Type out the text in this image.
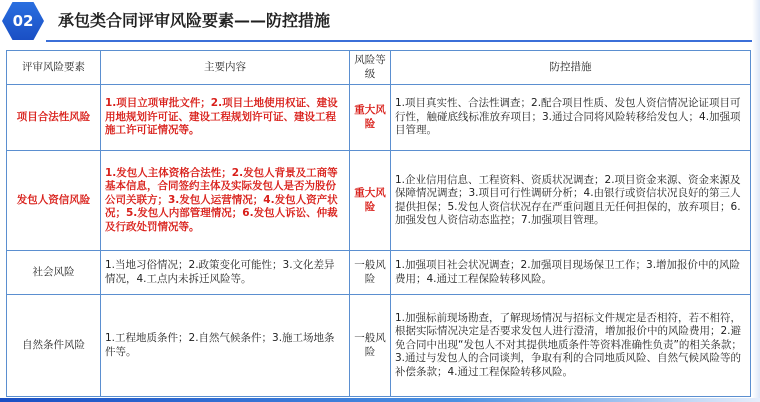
02	承包类合同评审风险要素——防控措施
评审风险要素	主要内容	风险等级	防控措施
项目合法性风险	1.项目立项审批文件；2.项目土地使用权证、建设用地规划许可证、建设工程规划许可证、建设工程施工许可证情况等。	重大风险	1.项目真实性、合法性调查；2.配合项目性质、发包人资信情况论证项目可行性，触碰底线标准放弃项目；3.通过合同将风险转移给发包人；4.加强项目管理。
发包人资信风险	1.发包人主体资格合法性；2.发包人背景及工商等基本信息，合同签约主体及实际发包人是否为股份公司关联方；3.发包人运营情况；4.发包人资产状况；5.发包人内部管理情况；6.发包人诉讼、仲裁及行政处罚情况等。	重大风险	1.企业信用信息、工程资料、资质状况调查；2.项目资金来源、资金来源及保障情况调查；3.项目可行性调研分析；4.由银行或资信状况良好的第三人提供担保；5.发包人资信状况存在严重问题且无任何担保的，放弃项目；6.加强发包人资信动态监控；7.加强项目管理。
社会风险	1.当地习俗情况；2.政策变化可能性；3.文化差异情况，4.工点内未拆迁风险等。	一般风险	1.加强项目社会状况调查；2.加强项目现场保卫工作；3.增加报价中的风险费用；4.通过工程保险转移风险。
自然条件风险	1.工程地质条件；2.自然气候条件；3.施工场地条件等。	一般风险	1.加强标前现场勘查，了解现场情况与招标文件规定是否相符，若不相符，根据实际情况决定是否要求发包人进行澄清，增加报价中的风险费用；2.避免合同中出现“发包人不对其提供地质条件等资料准确性负责”的相关条款；3.通过与发包人的合同谈判，争取有利的合同地质风险、自然气候风险等的补偿条款；4.通过工程保险转移风险。
